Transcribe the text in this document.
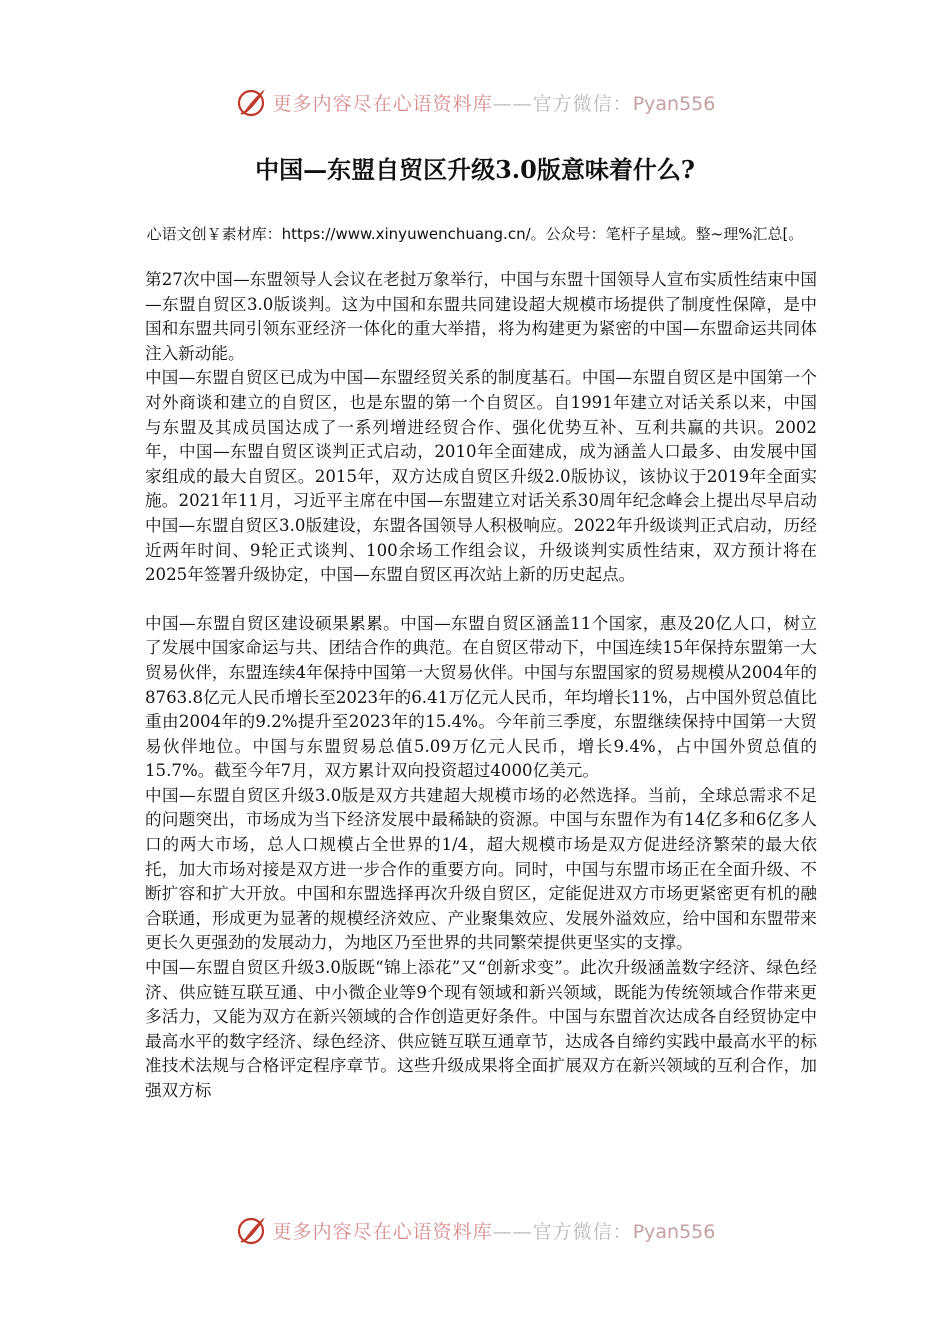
更多内容尽在心语资料库——官方微信：Pyan556
中国—东盟自贸区升级3.0版意味着什么?
心语文创￥素材库：https://www.xinyuwenchuang.cn/。公众号：笔杆子星域。整~理%汇总[。

第27次中国—东盟领导人会议在老挝万象举行，中国与东盟十国领导人宣布实质性结束中国—东盟自贸区3.0版谈判。这为中国和东盟共同建设超大规模市场提供了制度性保障，是中国和东盟共同引领东亚经济一体化的重大举措，将为构建更为紧密的中国—东盟命运共同体注入新动能。

中国—东盟自贸区已成为中国—东盟经贸关系的制度基石。中国—东盟自贸区是中国第一个对外商谈和建立的自贸区，也是东盟的第一个自贸区。自1991年建立对话关系以来，中国与东盟及其成员国达成了一系列增进经贸合作、强化优势互补、互利共赢的共识。2002年，中国—东盟自贸区谈判正式启动，2010年全面建成，成为涵盖人口最多、由发展中国家组成的最大自贸区。2015年，双方达成自贸区升级2.0版协议，该协议于2019年全面实施。2021年11月，习近平主席在中国—东盟建立对话关系30周年纪念峰会上提出尽早启动中国—东盟自贸区3.0版建设，东盟各国领导人积极响应。2022年升级谈判正式启动，历经近两年时间、9轮正式谈判、100余场工作组会议，升级谈判实质性结束，双方预计将在2025年签署升级协定，中国—东盟自贸区再次站上新的历史起点。

中国—东盟自贸区建设硕果累累。中国—东盟自贸区涵盖11个国家，惠及20亿人口，树立了发展中国家命运与共、团结合作的典范。在自贸区带动下，中国连续15年保持东盟第一大贸易伙伴，东盟连续4年保持中国第一大贸易伙伴。中国与东盟国家的贸易规模从2004年的8763.8亿元人民币增长至2023年的6.41万亿元人民币，年均增长11%，占中国外贸总值比重由2004年的9.2%提升至2023年的15.4%。今年前三季度，东盟继续保持中国第一大贸易伙伴地位。中国与东盟贸易总值5.09万亿元人民币，增长9.4%，占中国外贸总值的15.7%。截至今年7月，双方累计双向投资超过4000亿美元。

中国—东盟自贸区升级3.0版是双方共建超大规模市场的必然选择。当前，全球总需求不足的问题突出，市场成为当下经济发展中最稀缺的资源。中国与东盟作为有14亿多和6亿多人口的两大市场，总人口规模占全世界的1/4，超大规模市场是双方促进经济繁荣的最大依托，加大市场对接是双方进一步合作的重要方向。同时，中国与东盟市场正在全面升级、不断扩容和扩大开放。中国和东盟选择再次升级自贸区，定能促进双方市场更紧密更有机的融合联通，形成更为显著的规模经济效应、产业聚集效应、发展外溢效应，给中国和东盟带来更长久更强劲的发展动力，为地区乃至世界的共同繁荣提供更坚实的支撑。

中国—东盟自贸区升级3.0版既“锦上添花”又“创新求变”。此次升级涵盖数字经济、绿色经济、供应链互联互通、中小微企业等9个现有领域和新兴领域，既能为传统领域合作带来更多活力，又能为双方在新兴领域的合作创造更好条件。中国与东盟首次达成各自经贸协定中最高水平的数字经济、绿色经济、供应链互联互通章节，达成各自缔约实践中最高水平的标准技术法规与合格评定程序章节。这些升级成果将全面扩展双方在新兴领域的互利合作，加强双方标

更多内容尽在心语资料库——官方微信：Pyan556
